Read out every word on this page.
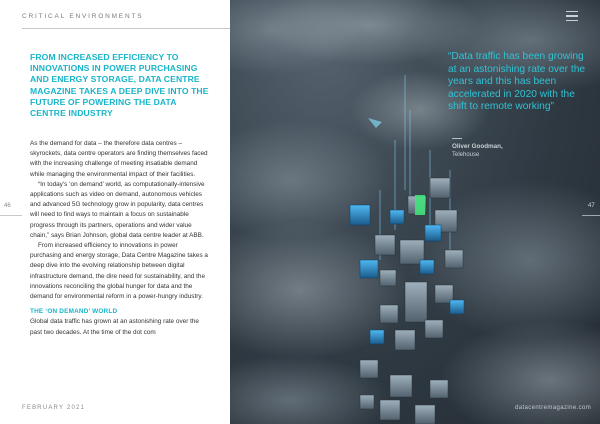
CRITICAL ENVIRONMENTS
FROM INCREASED EFFICIENCY TO INNOVATIONS IN POWER PURCHASING AND ENERGY STORAGE, DATA CENTRE MAGAZINE TAKES A DEEP DIVE INTO THE FUTURE OF POWERING THE DATA CENTRE INDUSTRY

As the demand for data – the therefore data centres – skyrockets, data centre operators are finding themselves faced with the increasing challenge of meeting insatiable demand while managing the environmental impact of their facilities.

“In today’s ‘on demand’ world, as computationally-intensive applications such as video on demand, autonomous vehicles and advanced 5G technology grow in popularity, data centres will need to find ways to maintain a focus on sustainable progress through its partners, operations and wider value chain,” says Brian Johnson, global data centre leader at ABB.

From increased efficiency to innovations in power purchasing and energy storage, Data Centre Magazine takes a deep dive into the evolving relationship between digital infrastructure demand, the dire need for sustainability, and the innovations reconciling the global hunger for data and the demand for environmental reform in a power-hungry industry.

THE ‘ON DEMAND’ WORLD

Global data traffic has grown at an astonishing rate over the past two decades. At the time of the dot com

46
FEBRUARY 2021
“Data traffic has been growing at an astonishing rate over the years and this has been accelerated in 2020 with the shift to remote working”
Oliver Goodman,
Telehouse
47
datacentremagazine.com
